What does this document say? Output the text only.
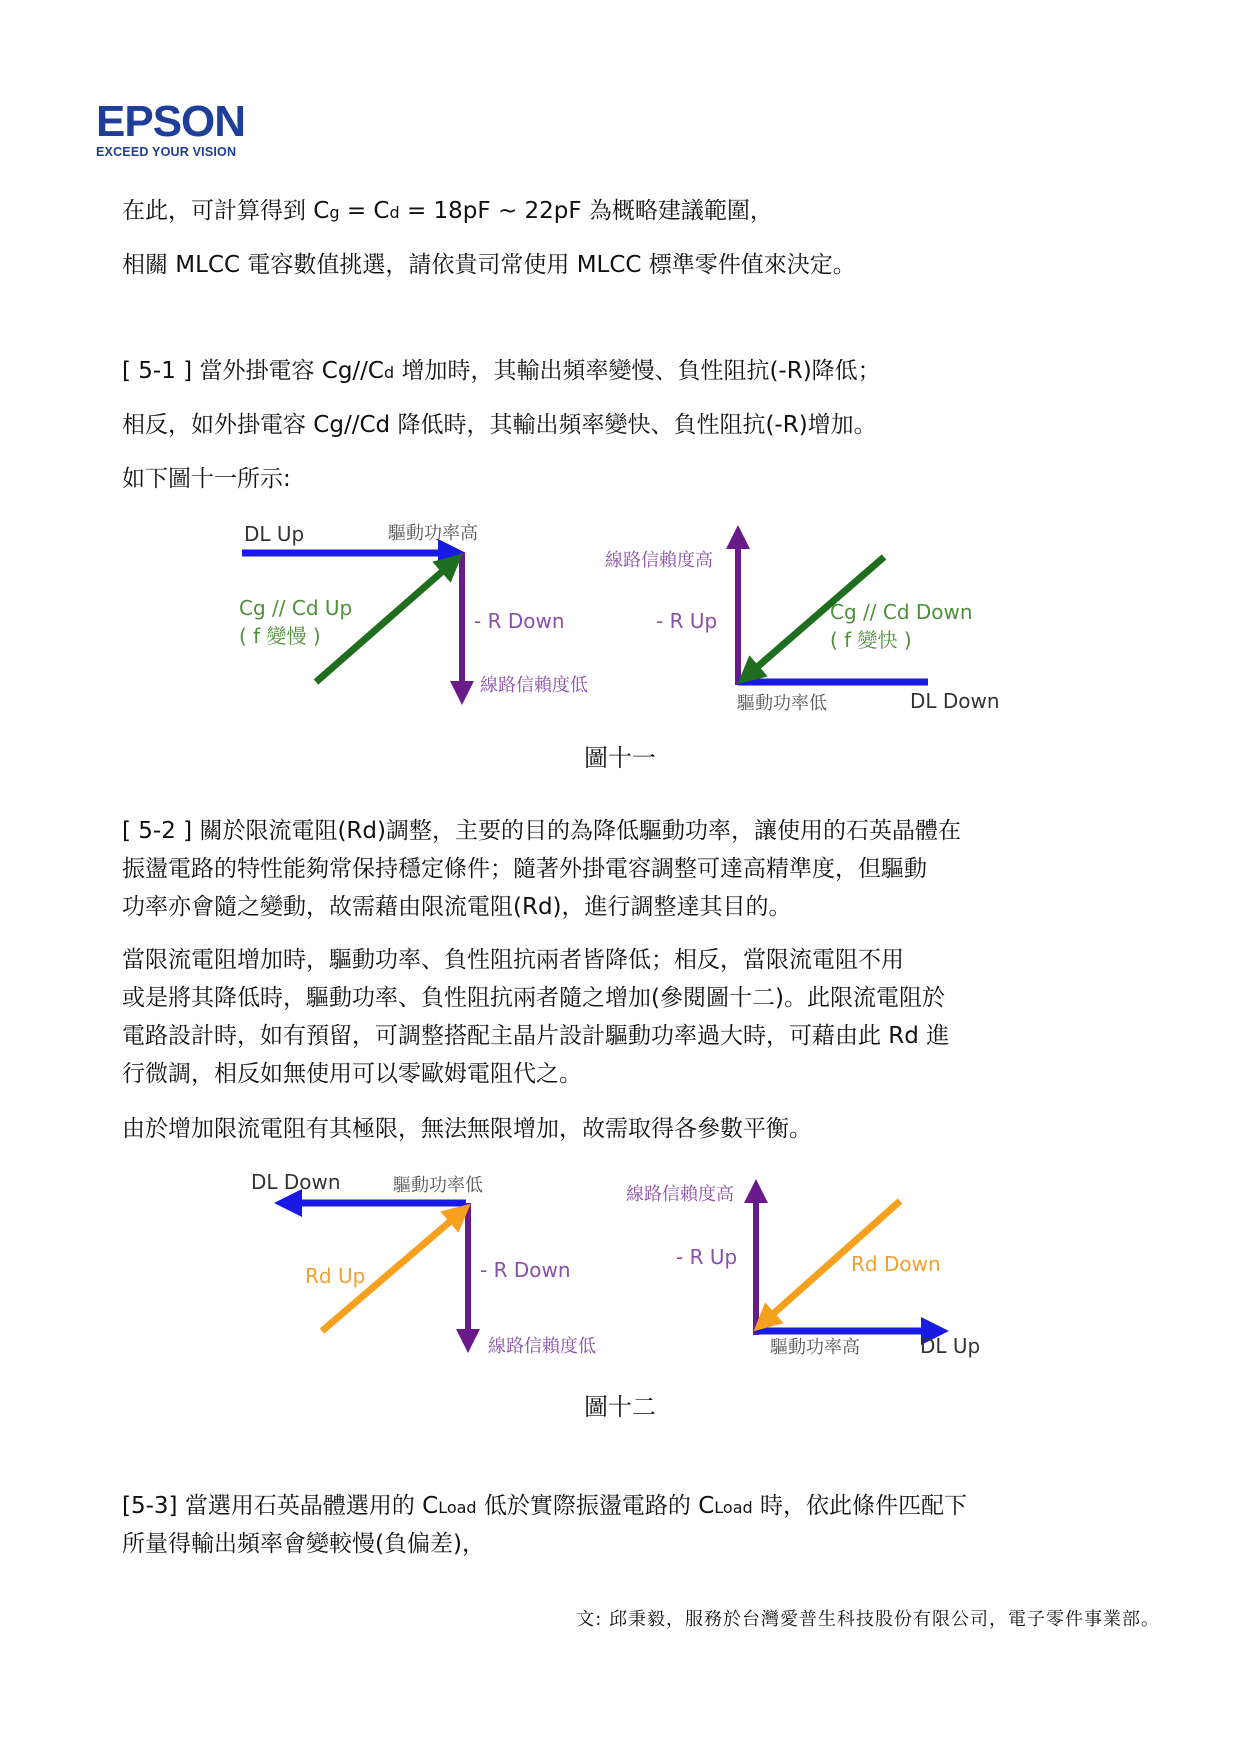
EPSON
EXCEED YOUR VISION

在此，可計算得到 Cg = Cd = 18pF ~ 22pF 為概略建議範圍，

相關 MLCC 電容數值挑選，請依貴司常使用 MLCC 標準零件值來決定。

[ 5-1 ] 當外掛電容 Cg//Cd 增加時，其輸出頻率變慢、負性阻抗(-R)降低；

相反，如外掛電容 Cg//Cd 降低時，其輸出頻率變快、負性阻抗(-R)增加。

如下圖十一所示:

DL Up	驅動功率高
Cg // Cd Up
( f 變慢 )
- R Down
線路信賴度低
線路信賴度高
- R Up	Cg // Cd Down
( f 變快 )
驅動功率低	DL Down
圖十一

[ 5-2 ] 關於限流電阻(Rd)調整，主要的目的為降低驅動功率，讓使用的石英晶體在

振盪電路的特性能夠常保持穩定條件；隨著外掛電容調整可達高精準度，但驅動

功率亦會隨之變動，故需藉由限流電阻(Rd)，進行調整達其目的。

當限流電阻增加時，驅動功率、負性阻抗兩者皆降低；相反，當限流電阻不用

或是將其降低時，驅動功率、負性阻抗兩者隨之增加(參閱圖十二)。此限流電阻於

電路設計時，如有預留，可調整搭配主晶片設計驅動功率過大時，可藉由此 Rd 進

行微調，相反如無使用可以零歐姆電阻代之。

由於增加限流電阻有其極限，無法無限增加，故需取得各參數平衡。

DL Down	驅動功率低
Rd Up	- R Down
線路信賴度低
線路信賴度高
- R Up	Rd Down
驅動功率高	DL Up
圖十二

[5-3] 當選用石英晶體選用的 CLoad 低於實際振盪電路的 CLoad 時，依此條件匹配下

所量得輸出頻率會變較慢(負偏差)，

文: 邱秉毅，服務於台灣愛普生科技股份有限公司，電子零件事業部。
